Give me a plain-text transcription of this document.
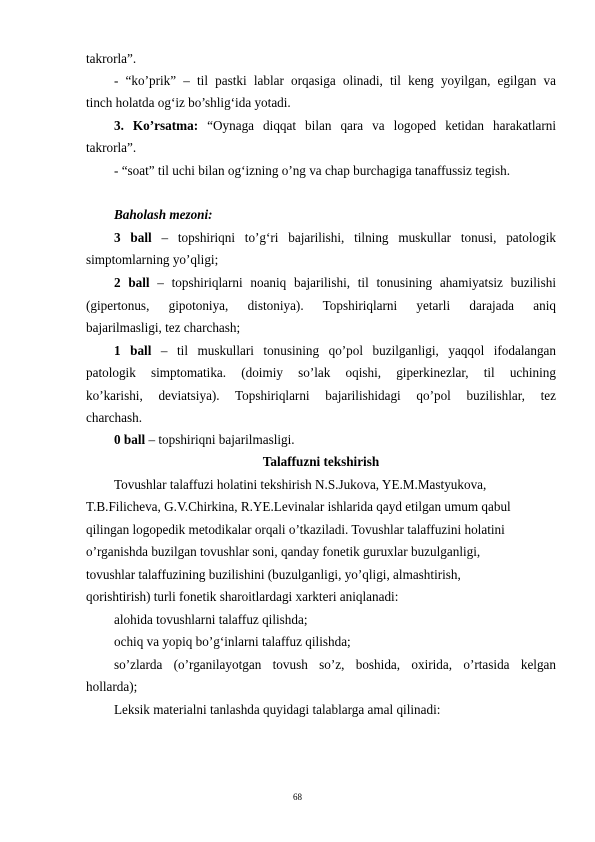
takrorla”.
- “ko’prik” – til pastki lablar orqasiga olinadi, til keng yoyilgan, egilgan va
tinch holatda og‘iz bo’shlig‘ida yotadi.
3. Ko’rsatma: “Oynaga diqqat bilan qara va logoped ketidan harakatlarni
takrorla”.
- “soat” til uchi bilan og‘izning o’ng va chap burchagiga tanaffussiz tegish.
Baholash mezoni:
3 ball – topshiriqni to’g‘ri bajarilishi, tilning muskullar tonusi, patologik
simptomlarning yo’qligi;
2 ball – topshiriqlarni noaniq bajarilishi, til tonusining ahamiyatsiz buzilishi
(gipertonus, gipotoniya, distoniya). Topshiriqlarni yetarli darajada aniq
bajarilmasligi, tez charchash;
1 ball – til muskullari tonusining qo’pol buzilganligi, yaqqol ifodalangan
patologik simptomatika. (doimiy so’lak oqishi, giperkinezlar, til uchining
ko’karishi, deviatsiya). Topshiriqlarni bajarilishidagi qo’pol buzilishlar, tez
charchash.
0 ball – topshiriqni bajarilmasligi.
Talaffuzni tekshirish
Tovushlar talaffuzi holatini tekshirish N.S.Jukova, YE.M.Mastyukova,
T.B.Filicheva, G.V.Chirkina, R.YE.Levinalar ishlarida qayd etilgan umum qabul
qilingan logopedik metodikalar orqali o’tkaziladi. Tovushlar talaffuzini holatini
o’rganishda buzilgan tovushlar soni, qanday fonetik guruxlar buzulganligi,
tovushlar talaffuzining buzilishini (buzulganligi, yo’qligi, almashtirish,
qorishtirish) turli fonetik sharoitlardagi xarkteri aniqlanadi:
alohida tovushlarni talaffuz qilishda;
ochiq va yopiq bo’g‘inlarni talaffuz qilishda;
so’zlarda (o’rganilayotgan tovush so’z, boshida, oxirida, o’rtasida kelgan
hollarda);
Leksik materialni tanlashda quyidagi talablarga amal qilinadi:
68
